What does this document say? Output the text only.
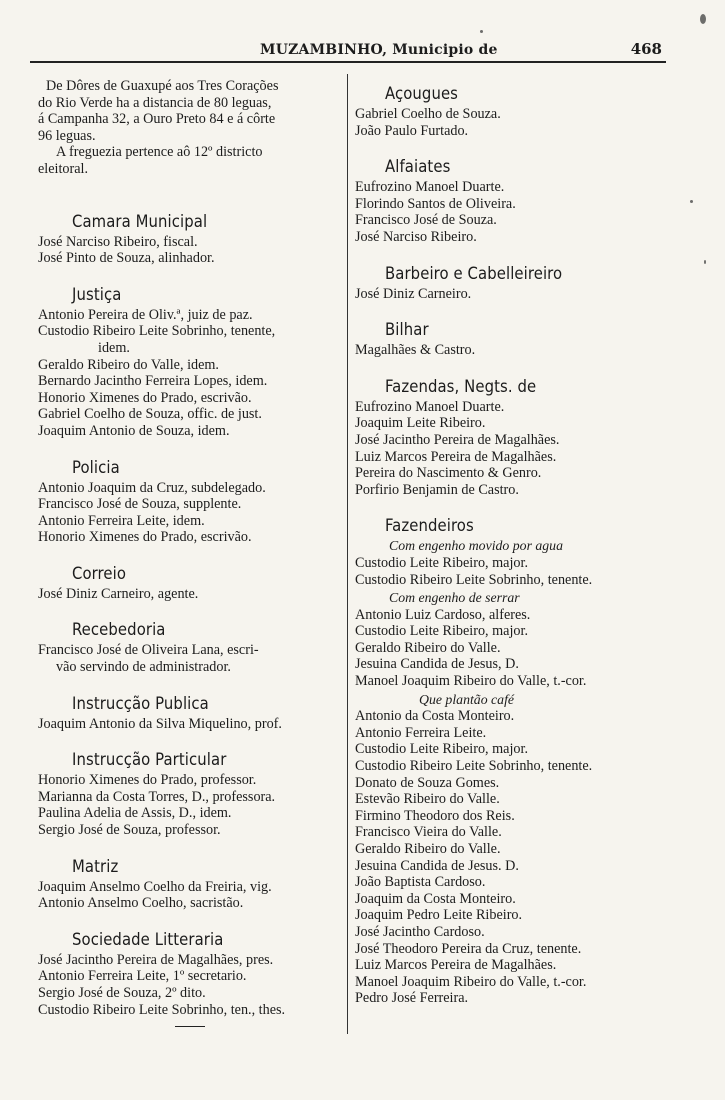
MUZAMBINHO, Municipio de	468
De Dôres de Guaxupé aos Tres Corações
do Rio Verde ha a distancia de 80 leguas,
á Campanha 32, a Ouro Preto 84 e á côrte
96 leguas.
A freguezia pertence aô 12º districto
eleitoral.
Camara Municipal
José Narciso Ribeiro, fiscal.
José Pinto de Souza, alinhador.
Justiça
Antonio Pereira de Oliv.ª, juiz de paz.
Custodio Ribeiro Leite Sobrinho, tenente,
idem.
Geraldo Ribeiro do Valle, idem.
Bernardo Jacintho Ferreira Lopes, idem.
Honorio Ximenes do Prado, escrivão.
Gabriel Coelho de Souza, offic. de just.
Joaquim Antonio de Souza, idem.
Policia
Antonio Joaquim da Cruz, subdelegado.
Francisco José de Souza, supplente.
Antonio Ferreira Leite, idem.
Honorio Ximenes do Prado, escrivão.
Correio
José Diniz Carneiro, agente.
Recebedoria
Francisco José de Oliveira Lana, escri-
vão servindo de administrador.
Instrucção Publica
Joaquim Antonio da Silva Miquelino, prof.
Instrucção Particular
Honorio Ximenes do Prado, professor.
Marianna da Costa Torres, D., professora.
Paulina Adelia de Assis, D., idem.
Sergio José de Souza, professor.
Matriz
Joaquim Anselmo Coelho da Freiria, vig.
Antonio Anselmo Coelho, sacristão.
Sociedade Litteraria
José Jacintho Pereira de Magalhães, pres.
Antonio Ferreira Leite, 1º secretario.
Sergio José de Souza, 2º dito.
Custodio Ribeiro Leite Sobrinho, ten., thes.
Açougues
Gabriel Coelho de Souza.
João Paulo Furtado.
Alfaiates
Eufrozino Manoel Duarte.
Florindo Santos de Oliveira.
Francisco José de Souza.
José Narciso Ribeiro.
Barbeiro e Cabelleireiro
José Diniz Carneiro.
Bilhar
Magalhães & Castro.
Fazendas, Negts. de
Eufrozino Manoel Duarte.
Joaquim Leite Ribeiro.
José Jacintho Pereira de Magalhães.
Luiz Marcos Pereira de Magalhães.
Pereira do Nascimento & Genro.
Porfirio Benjamin de Castro.
Fazendeiros
Com engenho movido por agua
Custodio Leite Ribeiro, major.
Custodio Ribeiro Leite Sobrinho, tenente.
Com engenho de serrar
Antonio Luiz Cardoso, alferes.
Custodio Leite Ribeiro, major.
Geraldo Ribeiro do Valle.
Jesuina Candida de Jesus, D.
Manoel Joaquim Ribeiro do Valle, t.-cor.
Que plantão café
Antonio da Costa Monteiro.
Antonio Ferreira Leite.
Custodio Leite Ribeiro, major.
Custodio Ribeiro Leite Sobrinho, tenente.
Donato de Souza Gomes.
Estevão Ribeiro do Valle.
Firmino Theodoro dos Reis.
Francisco Vieira do Valle.
Geraldo Ribeiro do Valle.
Jesuina Candida de Jesus. D.
João Baptista Cardoso.
Joaquim da Costa Monteiro.
Joaquim Pedro Leite Ribeiro.
José Jacintho Cardoso.
José Theodoro Pereira da Cruz, tenente.
Luiz Marcos Pereira de Magalhães.
Manoel Joaquim Ribeiro do Valle, t.-cor.
Pedro José Ferreira.
